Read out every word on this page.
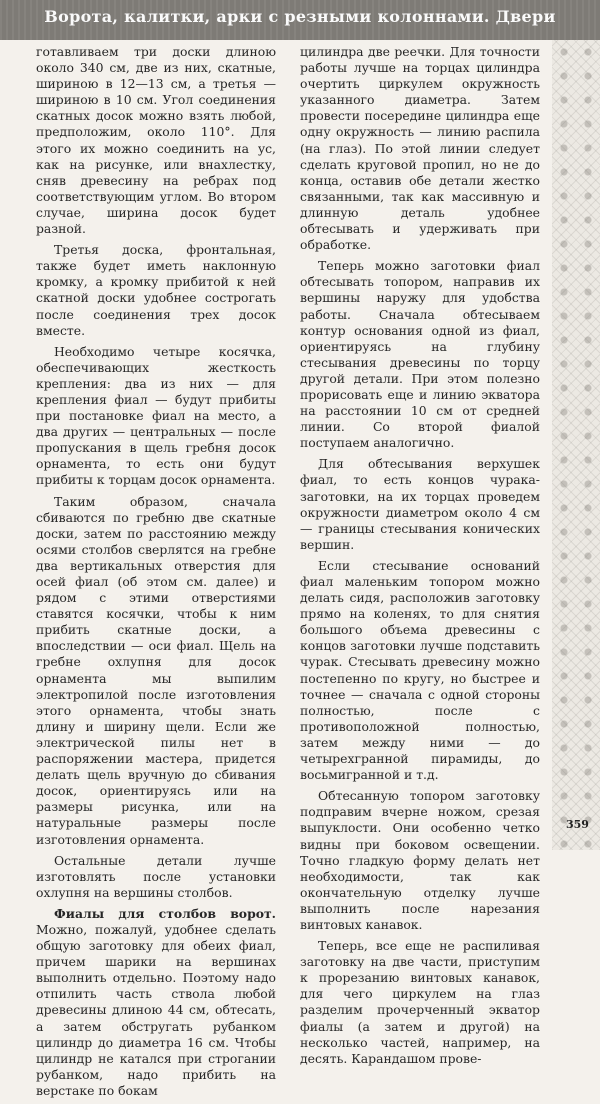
Ворота, калитки, арки с резными колоннами. Двери

готавливаем три доски длиною около 340 см, две из них, скатные, шириною в 12—13 см, а третья — шириною в 10 см. Угол соединения скатных досок можно взять любой, предположим, около 110°. Для этого их можно соединить на ус, как на рисунке, или внахлестку, сняв древесину на ребрах под соответствующим углом. Во втором случае, ширина досок будет разной.

Третья доска, фронтальная, также будет иметь наклонную кромку, а кромку прибитой к ней скатной доски удобнее сострогать после соединения трех досок вместе.

Необходимо четыре косячка, обеспечивающих жесткость крепления: два из них — для крепления фиал — будут прибиты при постановке фиал на место, а два других — центральных — после пропускания в щель гребня досок орнамента, то есть они будут прибиты к торцам досок орнамента.

Таким образом, сначала сбиваются по гребню две скатные доски, затем по расстоянию между осями столбов сверлятся на гребне два вертикальных отверстия для осей фиал (об этом см. далее) и рядом с этими отверстиями ставятся косячки, чтобы к ним прибить скатные доски, а впоследствии — оси фиал. Щель на гребне охлупня для досок орнамента мы выпилим электропилой после изготовления этого орнамента, чтобы знать длину и ширину щели. Если же электрической пилы нет в распоряжении мастера, придется делать щель вручную до сбивания досок, ориентируясь или на размеры рисунка, или на натуральные размеры после изготовления орнамента.

Остальные детали лучше изготовлять после установки охлупня на вершины столбов.

Фиалы для столбов ворот. Можно, пожалуй, удобнее сделать общую заготовку для обеих фиал, причем шарики на вершинах выполнить отдельно. Поэтому надо отпилить часть ствола любой древесины длиною 44 см, обтесать, а затем обстругать рубанком цилиндр до диаметра 16 см. Чтобы цилиндр не катался при строгании рубанком, надо прибить на верстаке по бокам

цилиндра две реечки. Для точности работы лучше на торцах цилиндра очертить циркулем окружность указанного диаметра. Затем провести посередине цилиндра еще одну окружность — линию распила (на глаз). По этой линии следует сделать круговой пропил, но не до конца, оставив обе детали жестко связанными, так как массивную и длинную деталь удобнее обтесывать и удерживать при обработке.

Теперь можно заготовки фиал обтесывать топором, направив их вершины наружу для удобства работы. Сначала обтесываем контур основания одной из фиал, ориентируясь на глубину стесывания древесины по торцу другой детали. При этом полезно прорисовать еще и линию экватора на расстоянии 10 см от средней линии. Со второй фиалой поступаем аналогично.

Для обтесывания верхушек фиал, то есть концов чурака-заготовки, на их торцах проведем окружности диаметром около 4 см — границы стесывания конических вершин.

Если стесывание оснований фиал маленьким топором можно делать сидя, расположив заготовку прямо на коленях, то для снятия большого объема древесины с концов заготовки лучше подставить чурак. Стесывать древесину можно постепенно по кругу, но быстрее и точнее — сначала с одной стороны полностью, после с противоположной полностью, затем между ними — до четырехгранной пирамиды, до восьмигранной и т.д.

Обтесанную топором заготовку подправим вчерне ножом, срезая выпуклости. Они особенно четко видны при боковом освещении. Точно гладкую форму делать нет необходимости, так как окончательную отделку лучше выполнить после нарезания винтовых канавок.

Теперь, все еще не распиливая заготовку на две части, приступим к прорезанию винтовых канавок, для чего циркулем на глаз разделим прочерченный экватор фиалы (а затем и другой) на несколько частей, например, на десять. Карандашом прове-

359
